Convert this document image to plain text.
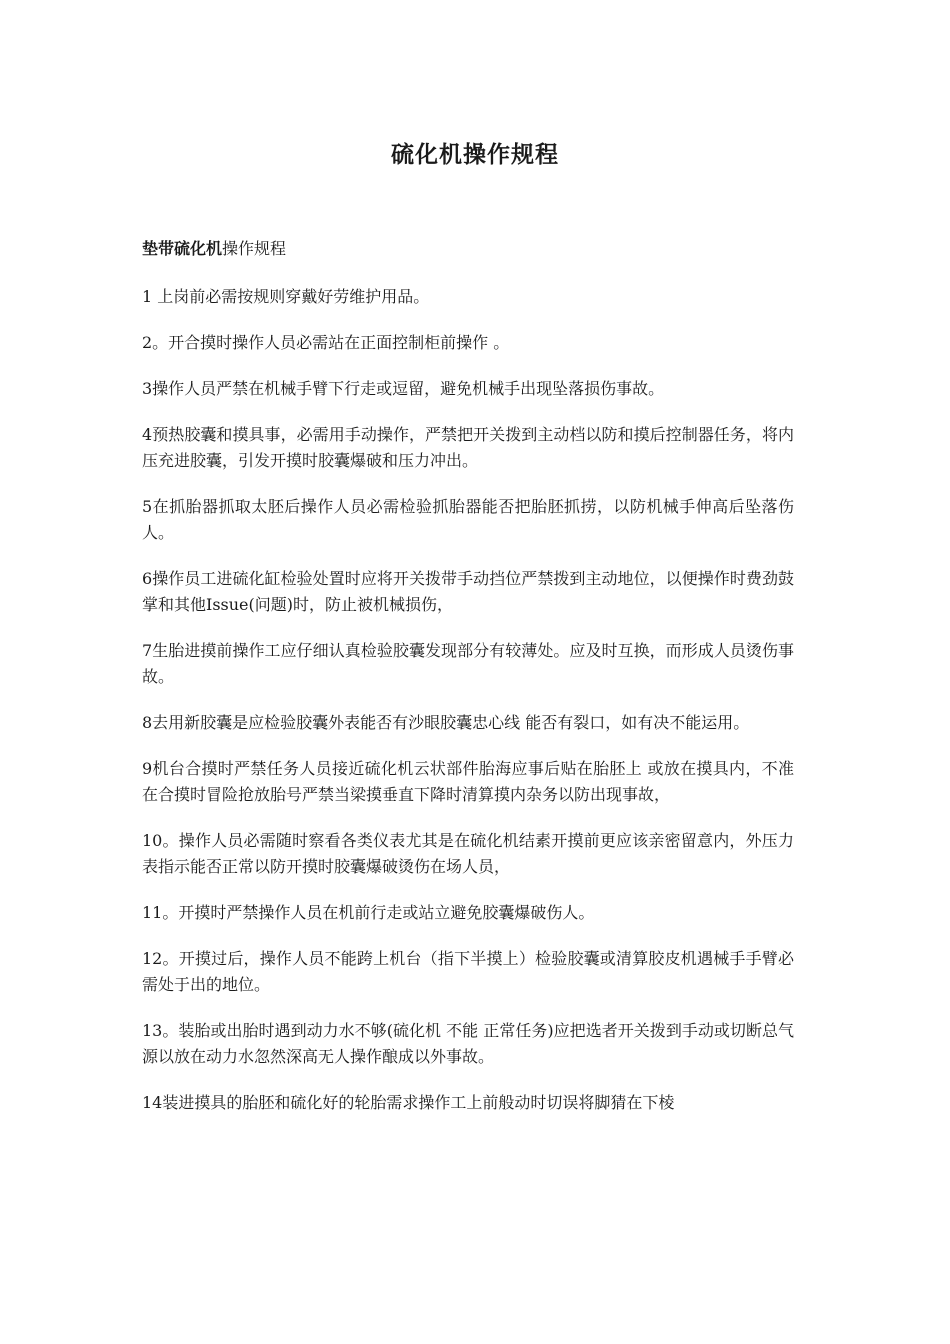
硫化机操作规程

垫带硫化机操作规程

1 上岗前必需按规则穿戴好劳维护用品。

2。开合摸时操作人员必需站在正面控制柜前操作 。

3操作人员严禁在机械手臂下行走或逗留，避免机械手出现坠落损伤事故。

4预热胶囊和摸具事，必需用手动操作，严禁把开关拨到主动档以防和摸后控制器任务，将内压充进胶囊，引发开摸时胶囊爆破和压力冲出。

5在抓胎器抓取太胚后操作人员必需检验抓胎器能否把胎胚抓捞，以防机械手伸高后坠落伤人。

6操作员工进硫化缸检验处置时应将开关拨带手动挡位严禁拨到主动地位，以便操作时费劲鼓掌和其他Issue(问题)时，防止被机械损伤，

7生胎进摸前操作工应仔细认真检验胶囊发现部分有较薄处。应及时互换，而形成人员烫伤事故。

8去用新胶囊是应检验胶囊外表能否有沙眼胶囊忠心线 能否有裂口，如有决不能运用。

9机台合摸时严禁任务人员接近硫化机云状部件胎海应事后贴在胎胚上 或放在摸具内，不准在合摸时冒险抢放胎号严禁当梁摸垂直下降时清算摸内杂务以防出现事故，

10。操作人员必需随时察看各类仪表尤其是在硫化机结素开摸前更应该亲密留意内，外压力表指示能否正常以防开摸时胶囊爆破烫伤在场人员，

11。开摸时严禁操作人员在机前行走或站立避免胶囊爆破伤人。

12。开摸过后，操作人员不能跨上机台（指下半摸上）检验胶囊或清算胶皮机遇械手手臂必需处于出的地位。

13。装胎或出胎时遇到动力水不够(硫化机 不能 正常任务)应把选者开关拨到手动或切断总气源以放在动力水忽然深高无人操作酿成以外事故。

14装进摸具的胎胚和硫化好的轮胎需求操作工上前般动时切误将脚猜在下棱
